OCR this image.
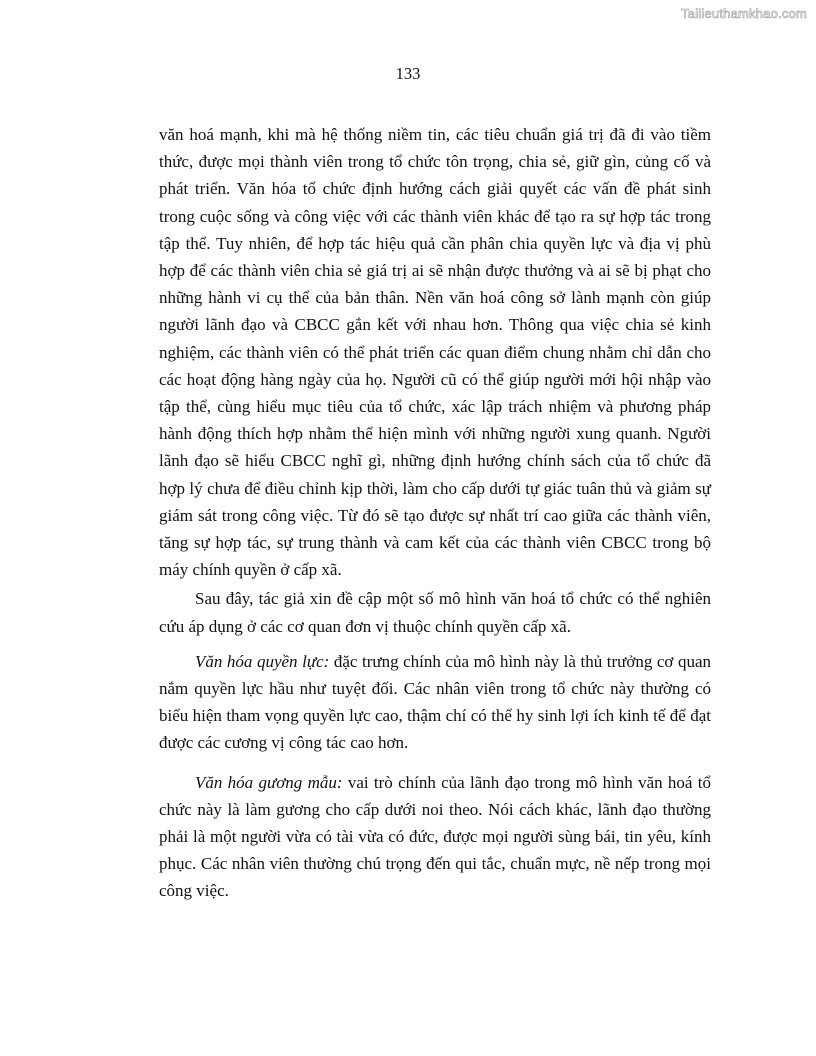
Tailieuthamkhao.com
133

văn hoá mạnh, khi mà hệ thống niềm tin, các tiêu chuẩn giá trị đã đi vào tiềm thức, được mọi thành viên trong tổ chức tôn trọng, chia sẻ, giữ gìn, củng cố và phát triển. Văn hóa tổ chức định hướng cách giải quyết các vấn đề phát sinh trong cuộc sống và công việc với các thành viên khác để tạo ra sự hợp tác trong tập thể. Tuy nhiên, để hợp tác hiệu quả cần phân chia quyền lực và địa vị phù hợp để các thành viên chia sẻ giá trị ai sẽ nhận được thưởng và ai sẽ bị phạt cho những hành vi cụ thể của bản thân. Nền văn hoá công sở lành mạnh còn giúp người lãnh đạo và CBCC gắn kết với nhau hơn. Thông qua việc chia sẻ kinh nghiệm, các thành viên có thể phát triển các quan điểm chung nhằm chỉ dẫn cho các hoạt động hàng ngày của họ. Người cũ có thể giúp người mới hội nhập vào tập thể, cùng hiểu mục tiêu của tổ chức, xác lập trách nhiệm và phương pháp hành động thích hợp nhằm thể hiện mình với những người xung quanh. Người lãnh đạo sẽ hiểu CBCC nghĩ gì, những định hướng chính sách của tổ chức đã hợp lý chưa để điều chỉnh kịp thời, làm cho cấp dưới tự giác tuân thủ và giảm sự giám sát trong công việc. Từ đó sẽ tạo được sự nhất trí cao giữa các thành viên, tăng sự hợp tác, sự trung thành và cam kết của các thành viên CBCC trong bộ máy chính quyền ở cấp xã.

Sau đây, tác giả xin đề cập một số mô hình văn hoá tổ chức có thể nghiên cứu áp dụng ở các cơ quan đơn vị thuộc chính quyền cấp xã.

Văn hóa quyền lực: đặc trưng chính của mô hình này là thủ trưởng cơ quan nắm quyền lực hầu như tuyệt đối. Các nhân viên trong tổ chức này thường có biểu hiện tham vọng quyền lực cao, thậm chí có thể hy sinh lợi ích kinh tế để đạt được các cương vị công tác cao hơn.

Văn hóa gương mẫu: vai trò chính của lãnh đạo trong mô hình văn hoá tổ chức này là làm gương cho cấp dưới noi theo. Nói cách khác, lãnh đạo thường phải là một người vừa có tài vừa có đức, được mọi người sùng bái, tin yêu, kính phục. Các nhân viên thường chú trọng đến qui tắc, chuẩn mực, nề nếp trong mọi công việc.
